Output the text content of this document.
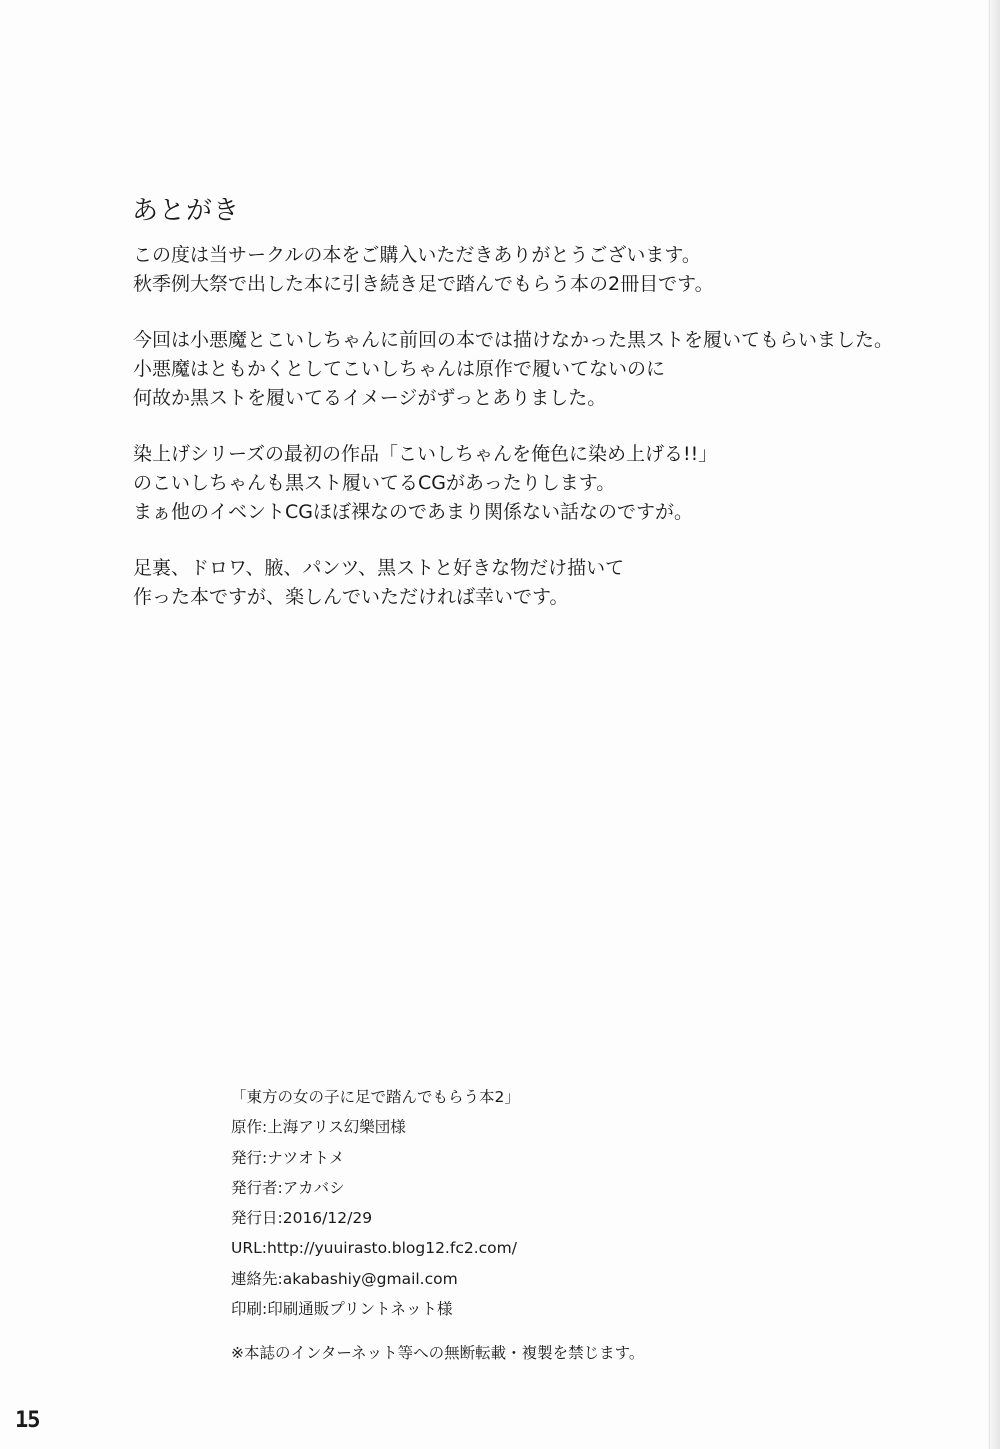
あとがき

この度は当サークルの本をご購入いただきありがとうございます。
秋季例大祭で出した本に引き続き足で踏んでもらう本の2冊目です。

今回は小悪魔とこいしちゃんに前回の本では描けなかった黒ストを履いてもらいました。
小悪魔はともかくとしてこいしちゃんは原作で履いてないのに
何故か黒ストを履いてるイメージがずっとありました。

染上げシリーズの最初の作品「こいしちゃんを俺色に染め上げる!!」
のこいしちゃんも黒スト履いてるCGがあったりします。
まぁ他のイベントCGほぼ裸なのであまり関係ない話なのですが。

足裏、ドロワ、腋、パンツ、黒ストと好きな物だけ描いて
作った本ですが、楽しんでいただければ幸いです。

「東方の女の子に足で踏んでもらう本2」
原作:上海アリス幻樂団様
発行:ナツオトメ
発行者:アカバシ
発行日:2016/12/29
URL:http://yuuirasto.blog12.fc2.com/
連絡先:akabashiy@gmail.com
印刷:印刷通販プリントネット様

※本誌のインターネット等への無断転載・複製を禁じます。

15
